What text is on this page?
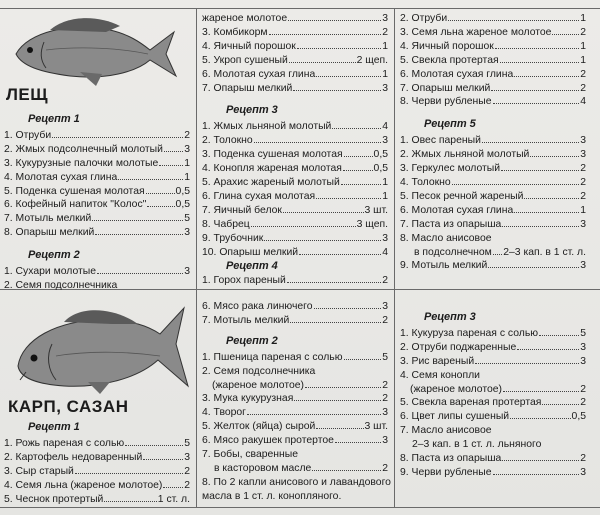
ЛЕЩ
КАРП, САЗАН
Рецепт 1
1. Отруби	2
2. Жмых подсолнечный молотый 3
3. Кукурузные палочки молотые 1
4. Молотая сухая глина	1
5. Поденка сушеная молотая	0,5
6. Кофейный напиток "Колос"	0,5
7. Мотыль мелкий	5
8. Опарыш мелкий	3
Рецепт 2
1. Сухари молотые	3
2. Семя подсолнечника
жареное молотое	3
3. Комбикорм	2
4. Яичный порошок	1
5. Укроп сушеный	2 щеп.
6. Молотая сухая глина	1
7. Опарыш мелкий	3
Рецепт 3
1. Жмых льняной молотый	4
2. Толокно	3
3. Поденка сушеная молотая	0,5
4. Конопля жареная молотая	0,5
5. Арахис жареный молотый	1
6. Глина сухая молотая	1
7. Яичный белок	3 шт.
8. Чабрец	3 щеп.
9. Трубочник	3
10. Опарыш мелкий	4
Рецепт 4
1. Горох пареный	2
2. Отруби	1
3. Семя льна жареное молотое	2
4. Яичный порошок	1
5. Свекла протертая	1
6. Молотая сухая глина	2
7. Опарыш мелкий	2
8. Черви рубленые	4
Рецепт 5
1. Овес пареный	3
2. Жмых льняной молотый	3
3. Геркулес молотый	2
4. Толокно	2
5. Песок речной жареный	2
6. Молотая сухая глина	1
7. Паста из опарыша	3
8. Масло анисовое
в подсолнечном 2–3 кап. в 1 ст. л.
9. Мотыль мелкий	3
Рецепт 1
1. Рожь пареная с солью	5
2. Картофель недоваренный	3
3. Сыр старый	2
4. Семя льна (жареное молотое) 2
5. Чеснок протертый	1 ст. л.
6. Мясо рака линючего	3
7. Мотыль мелкий	2
Рецепт 2
1. Пшеница пареная с солью	5
2. Семя подсолнечника
(жареное молотое)	2
3. Мука кукурузная	2
4. Творог	3
5. Желток (яйца) сырой	3 шт.
6. Мясо ракушек протертое	3
7. Бобы, сваренные
в касторовом масле	2
8. По 2 капли анисового и лавандового
масла в 1 ст. л. конопляного.
Рецепт 3
1. Кукуруза пареная с солью	5
2. Отруби поджаренные	3
3. Рис вареный	3
4. Семя конопли
(жареное молотое)	2
5. Свекла вареная протертая	2
6. Цвет липы сушеный	0,5
7. Масло анисовое
2–3 кап. в 1 ст. л. льняного
8. Паста из опарыша	2
9. Черви рубленые	3
